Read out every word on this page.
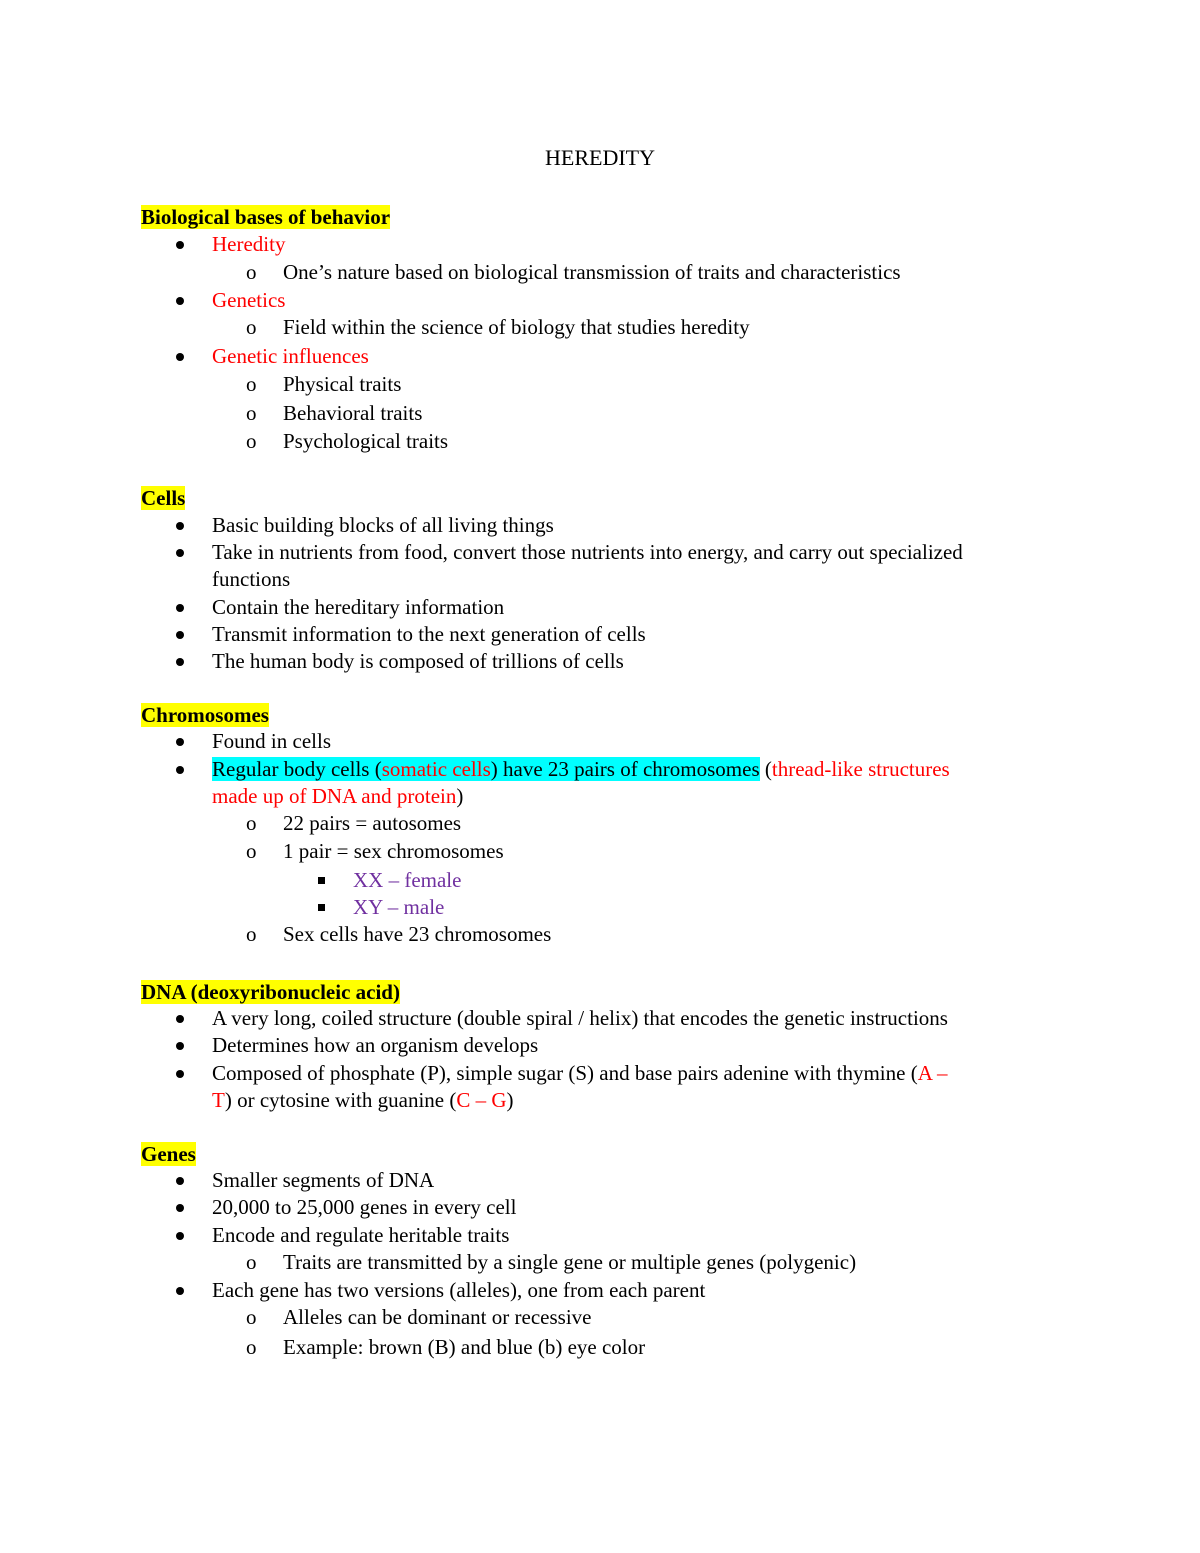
HEREDITY
Biological bases of behavior
Heredity
o One’s nature based on biological transmission of traits and characteristics
Genetics
o Field within the science of biology that studies heredity
Genetic influences
o Physical traits
o Behavioral traits
o Psychological traits
Cells
Basic building blocks of all living things
Take in nutrients from food, convert those nutrients into energy, and carry out specialized
functions
Contain the hereditary information
Transmit information to the next generation of cells
The human body is composed of trillions of cells
Chromosomes
Found in cells
Regular body cells (somatic cells) have 23 pairs of chromosomes (thread-like structures
made up of DNA and protein)
o 22 pairs = autosomes
o 1 pair = sex chromosomes
XX – female
XY – male
o Sex cells have 23 chromosomes
DNA (deoxyribonucleic acid)
A very long, coiled structure (double spiral / helix) that encodes the genetic instructions
Determines how an organism develops
Composed of phosphate (P), simple sugar (S) and base pairs adenine with thymine (A –
T) or cytosine with guanine (C – G)
Genes
Smaller segments of DNA
20,000 to 25,000 genes in every cell
Encode and regulate heritable traits
o Traits are transmitted by a single gene or multiple genes (polygenic)
Each gene has two versions (alleles), one from each parent
o Alleles can be dominant or recessive
o Example: brown (B) and blue (b) eye color
